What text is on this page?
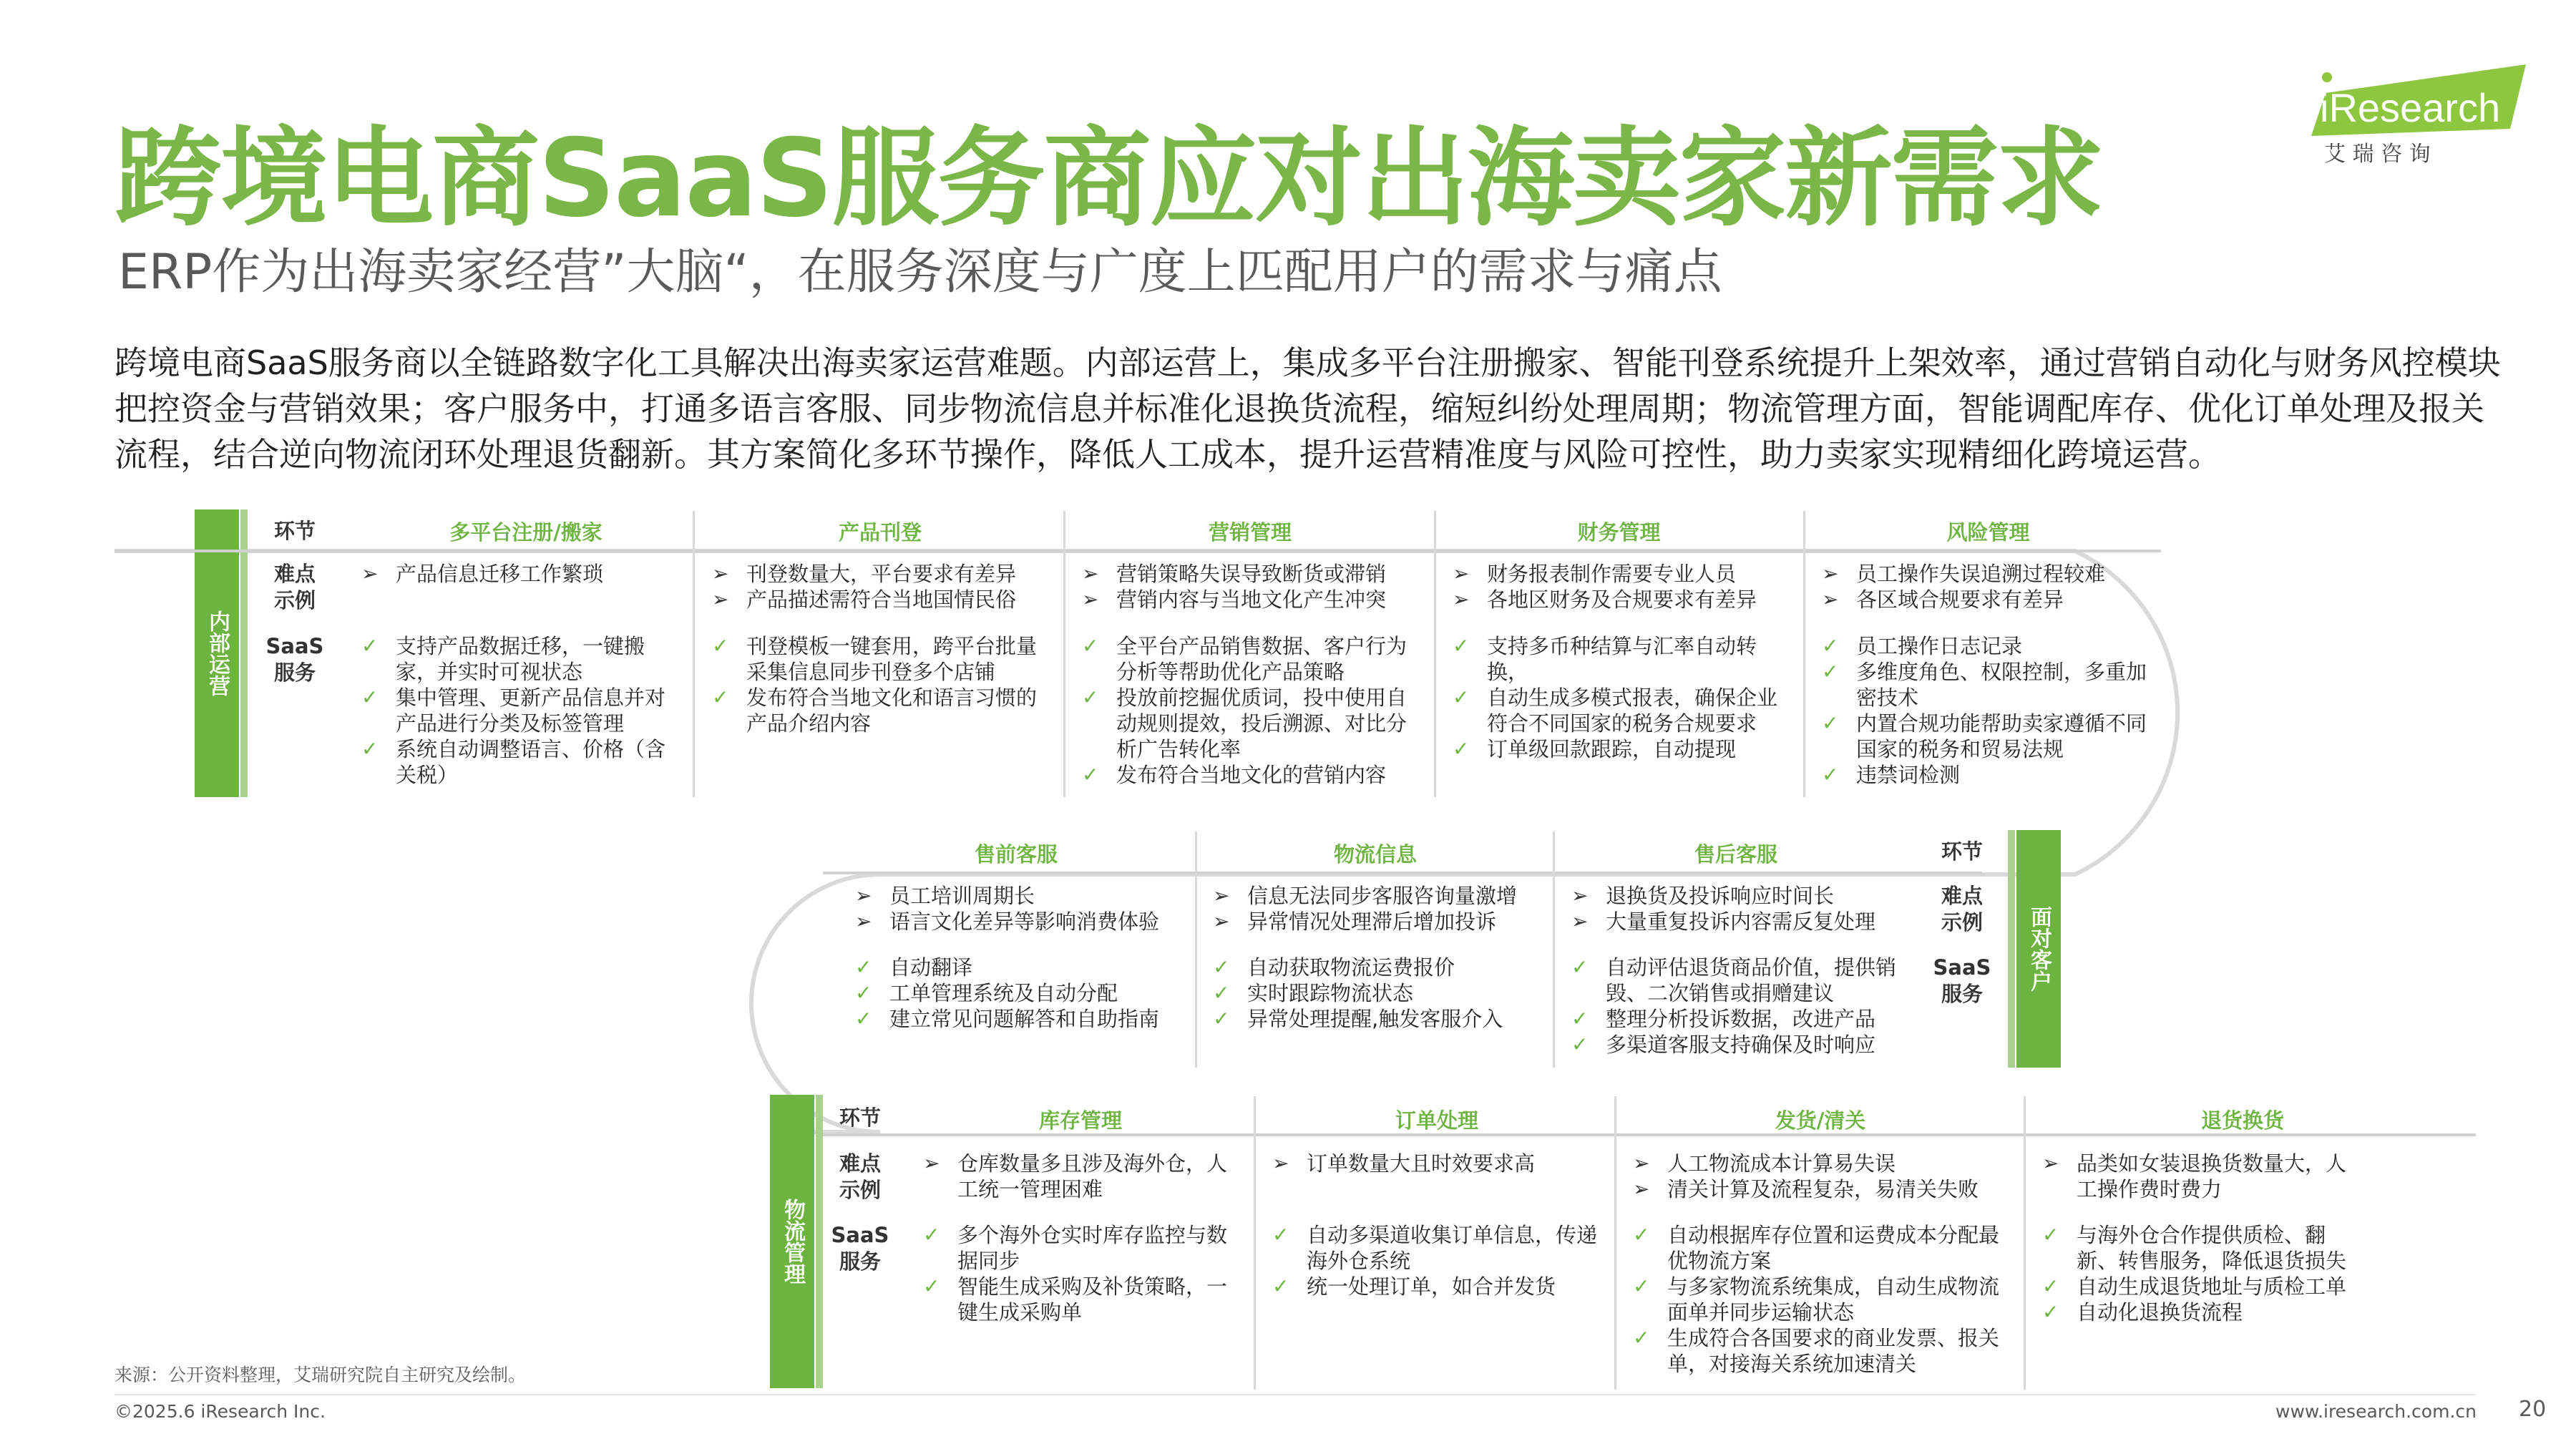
跨境电商SaaS服务商应对出海卖家新需求
ERP作为出海卖家经营”大脑“，在服务深度与广度上匹配用户的需求与痛点
跨境电商SaaS服务商以全链路数字化工具解决出海卖家运营难题。内部运营上，集成多平台注册搬家、智能刊登系统提升上架效率，通过营销自动化与财务风控模块
把控资金与营销效果；客户服务中，打通多语言客服、同步物流信息并标准化退换货流程，缩短纠纷处理周期；物流管理方面，智能调配库存、优化订单处理及报关
流程，结合逆向物流闭环处理退货翻新。其方案简化多环节操作，降低人工成本，提升运营精准度与风险可控性，助力卖家实现精细化跨境运营。
iResearch
艾 瑞 咨 询
内部运营
环节
难点
示例
SaaS
服务
多平台注册/搬家
➢ 产品信息迁移工作繁琐
✓ 支持产品数据迁移，一键搬家，并实时可视状态
✓ 集中管理、更新产品信息并对产品进行分类及标签管理
✓ 系统自动调整语言、价格（含关税）
产品刊登
➢ 刊登数量大，平台要求有差异
➢ 产品描述需符合当地国情民俗
✓ 刊登模板一键套用，跨平台批量采集信息同步刊登多个店铺
✓ 发布符合当地文化和语言习惯的产品介绍内容
营销管理
➢ 营销策略失误导致断货或滞销
➢ 营销内容与当地文化产生冲突
✓ 全平台产品销售数据、客户行为分析等帮助优化产品策略
✓ 投放前挖掘优质词，投中使用自动规则提效，投后溯源、对比分析广告转化率
✓ 发布符合当地文化的营销内容
财务管理
➢ 财务报表制作需要专业人员
➢ 各地区财务及合规要求有差异
✓ 支持多币种结算与汇率自动转换，
✓ 自动生成多模式报表，确保企业符合不同国家的税务合规要求
✓ 订单级回款跟踪，自动提现
风险管理
➢ 员工操作失误追溯过程较难
➢ 各区域合规要求有差异
✓ 员工操作日志记录
✓ 多维度角色、权限控制，多重加密技术
✓ 内置合规功能帮助卖家遵循不同国家的税务和贸易法规
✓ 违禁词检测
面对客户
环节
难点
示例
SaaS
服务
售前客服
➢ 员工培训周期长
➢ 语言文化差异等影响消费体验
✓ 自动翻译
✓ 工单管理系统及自动分配
✓ 建立常见问题解答和自助指南
物流信息
➢ 信息无法同步客服咨询量激增
➢ 异常情况处理滞后增加投诉
✓ 自动获取物流运费报价
✓ 实时跟踪物流状态
✓ 异常处理提醒,触发客服介入
售后客服
➢ 退换货及投诉响应时间长
➢ 大量重复投诉内容需反复处理
✓ 自动评估退货商品价值，提供销毁、二次销售或捐赠建议
✓ 整理分析投诉数据，改进产品
✓ 多渠道客服支持确保及时响应
物流管理
环节
难点
示例
SaaS
服务
库存管理
➢ 仓库数量多且涉及海外仓，人工统一管理困难
✓ 多个海外仓实时库存监控与数据同步
✓ 智能生成采购及补货策略，一键生成采购单
订单处理
➢ 订单数量大且时效要求高
✓ 自动多渠道收集订单信息，传递海外仓系统
✓ 统一处理订单，如合并发货
发货/清关
➢ 人工物流成本计算易失误
➢ 清关计算及流程复杂，易清关失败
✓ 自动根据库存位置和运费成本分配最优物流方案
✓ 与多家物流系统集成，自动生成物流面单并同步运输状态
✓ 生成符合各国要求的商业发票、报关单，对接海关系统加速清关
退货换货
➢ 品类如女装退换货数量大，人工操作费时费力
✓ 与海外仓合作提供质检、翻新、转售服务，降低退货损失
✓ 自动生成退货地址与质检工单
✓ 自动化退换货流程
来源：公开资料整理，艾瑞研究院自主研究及绘制。
©2025.6 iResearch Inc.	www.iresearch.com.cn 20
